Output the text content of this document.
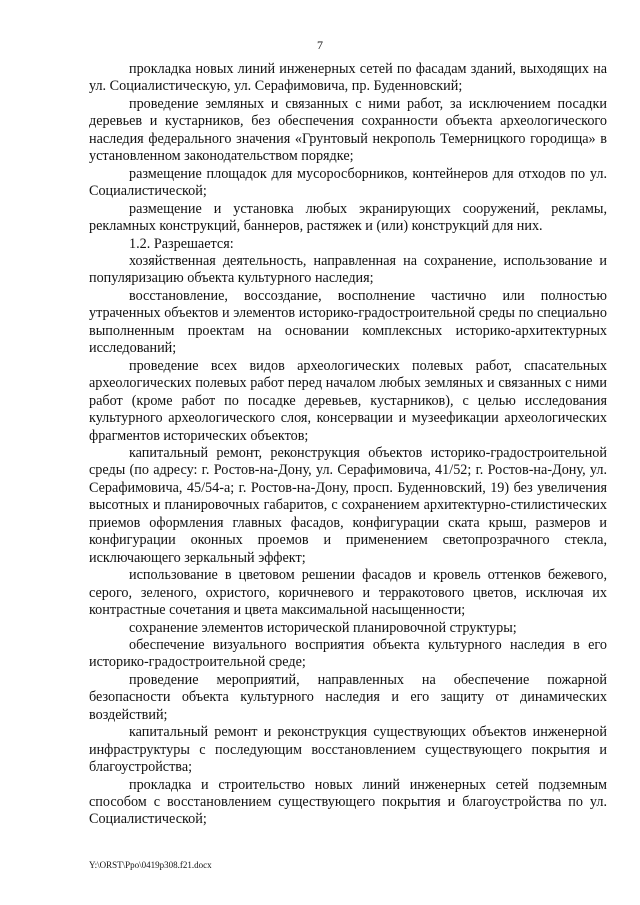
7

прокладка новых линий инженерных сетей по фасадам зданий, выходящих на ул. Социалистическую, ул. Серафимовича, пр. Буденновский;

проведение земляных и связанных с ними работ, за исключением посадки деревьев и кустарников, без обеспечения сохранности объекта археологического наследия федерального значения «Грунтовый некрополь Темерницкого городища» в установленном законодательством порядке;

размещение площадок для мусоросборников, контейнеров для отходов по ул. Социалистической;

размещение и установка любых экранирующих сооружений, рекламы, рекламных конструкций, баннеров, растяжек и (или) конструкций для них.

1.2. Разрешается:

хозяйственная деятельность, направленная на сохранение, использование и популяризацию объекта культурного наследия;

восстановление, воссоздание, восполнение частично или полностью утраченных объектов и элементов историко-градостроительной среды по специально выполненным проектам на основании комплексных историко-архитектурных исследований;

проведение всех видов археологических полевых работ, спасательных археологических полевых работ перед началом любых земляных и связанных с ними работ (кроме работ по посадке деревьев, кустарников), с целью исследования культурного археологического слоя, консервации и музеефикации археологических фрагментов исторических объектов;

капитальный ремонт, реконструкция объектов историко-градостроительной среды (по адресу: г. Ростов-на-Дону, ул. Серафимовича, 41/52; г. Ростов-на-Дону, ул. Серафимовича, 45/54-а; г. Ростов-на-Дону, просп. Буденновский, 19) без увеличения высотных и планировочных габаритов, с сохранением архитектурно-стилистических приемов оформления главных фасадов, конфигурации ската крыш, размеров и конфигурации оконных проемов и применением светопрозрачного стекла, исключающего зеркальный эффект;

использование в цветовом решении фасадов и кровель оттенков бежевого, серого, зеленого, охристого, коричневого и терракотового цветов, исключая их контрастные сочетания и цвета максимальной насыщенности;

сохранение элементов исторической планировочной структуры;

обеспечение визуального восприятия объекта культурного наследия в его историко-градостроительной среде;

проведение мероприятий, направленных на обеспечение пожарной безопасности объекта культурного наследия и его защиту от динамических воздействий;

капитальный ремонт и реконструкция существующих объектов инженерной инфраструктуры с последующим восстановлением существующего покрытия и благоустройства;

прокладка и строительство новых линий инженерных сетей подземным способом с восстановлением существующего покрытия и благоустройства по ул. Социалистической;

Y:\ORST\Ppo\0419p308.f21.docx
